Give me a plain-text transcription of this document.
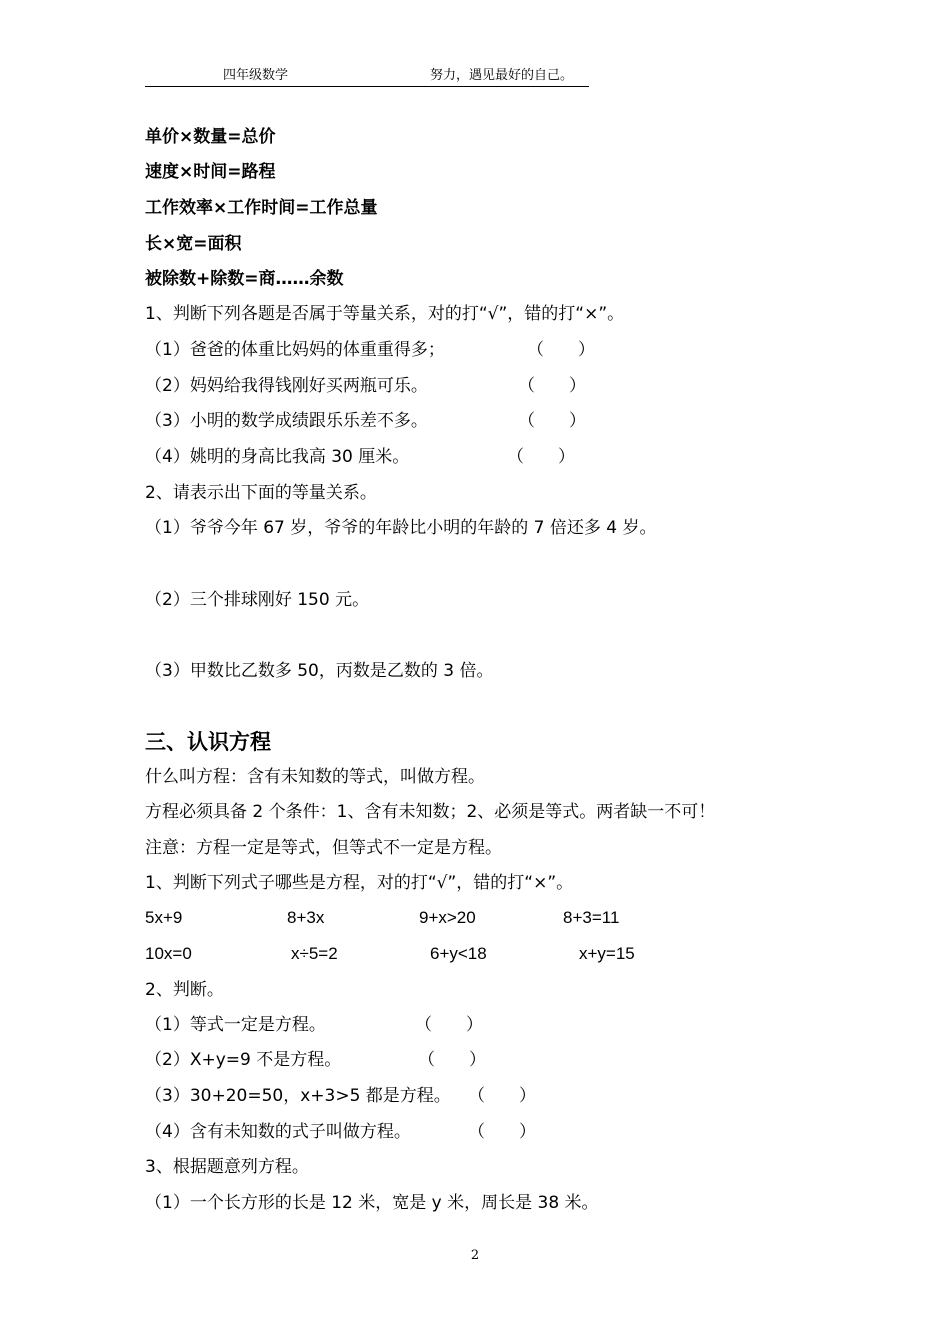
四年级数学	努力，遇见最好的自己。
单价×数量=总价
速度×时间=路程
工作效率×工作时间=工作总量
长×宽=面积
被除数+除数=商……余数
1、判断下列各题是否属于等量关系，对的打“√”，错的打“×”。
（1）爸爸的体重比妈妈的体重重得多；	（　　）
（2）妈妈给我得钱刚好买两瓶可乐。	（　　）
（3）小明的数学成绩跟乐乐差不多。	（　　）
（4）姚明的身高比我高 30 厘米。	（　　）
2、请表示出下面的等量关系。
（1）爷爷今年 67 岁，爷爷的年龄比小明的年龄的 7 倍还多 4 岁。
（2）三个排球刚好 150 元。
（3）甲数比乙数多 50，丙数是乙数的 3 倍。
三、认识方程
什么叫方程：含有未知数的等式，叫做方程。
方程必须具备 2 个条件：1、含有未知数；2、必须是等式。两者缺一不可！
注意：方程一定是等式，但等式不一定是方程。
1、判断下列式子哪些是方程，对的打“√”，错的打“×”。
5x+9	8+3x	9+x>20	8+3=11
10x=0	x÷5=2	6+y<18	x+y=15
2、判断。
（1）等式一定是方程。	（　　）
（2）X+y=9 不是方程。	（　　）
（3）30+20=50，x+3>5 都是方程。 （　　）
（4）含有未知数的式子叫做方程。	（　　）
3、根据题意列方程。
（1）一个长方形的长是 12 米，宽是 y 米，周长是 38 米。
2
